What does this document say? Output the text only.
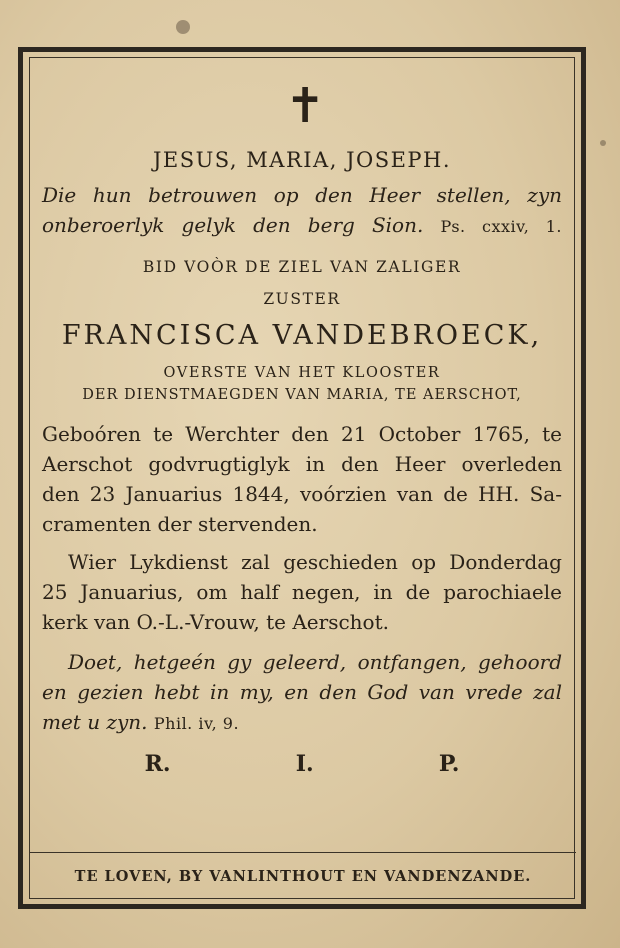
✝
JESUS, MARIA, JOSEPH.
Die hun betrouwen op den Heer stellen, zyn
onberoerlyk gelyk den berg Sion. Ps. cxxiv, 1.
BID VOÒR DE ZIEL VAN ZALIGER
ZUSTER
FRANCISCA VANDEBROECK,
OVERSTE VAN HET KLOOSTER
DER DIENSTMAEGDEN VAN MARIA, TE AERSCHOT,
Geboóren te Werchter den 21 October 1765, te
Aerschot godvrugtiglyk in den Heer overleden
den 23 Januarius 1844, voórzien van de HH. Sa-
cramenten der stervenden.
Wier Lykdienst zal geschieden op Donderdag
25 Januarius, om half negen, in de parochiaele
kerk van O.-L.-Vrouw, te Aerschot.
Doet, hetgeén gy geleerd, ontfangen, gehoord
en gezien hebt in my, en den God van vrede zal
met u zyn. Phil. iv, 9.
R.	I.	P.
TE LOVEN, BY VANLINTHOUT EN VANDENZANDE.
